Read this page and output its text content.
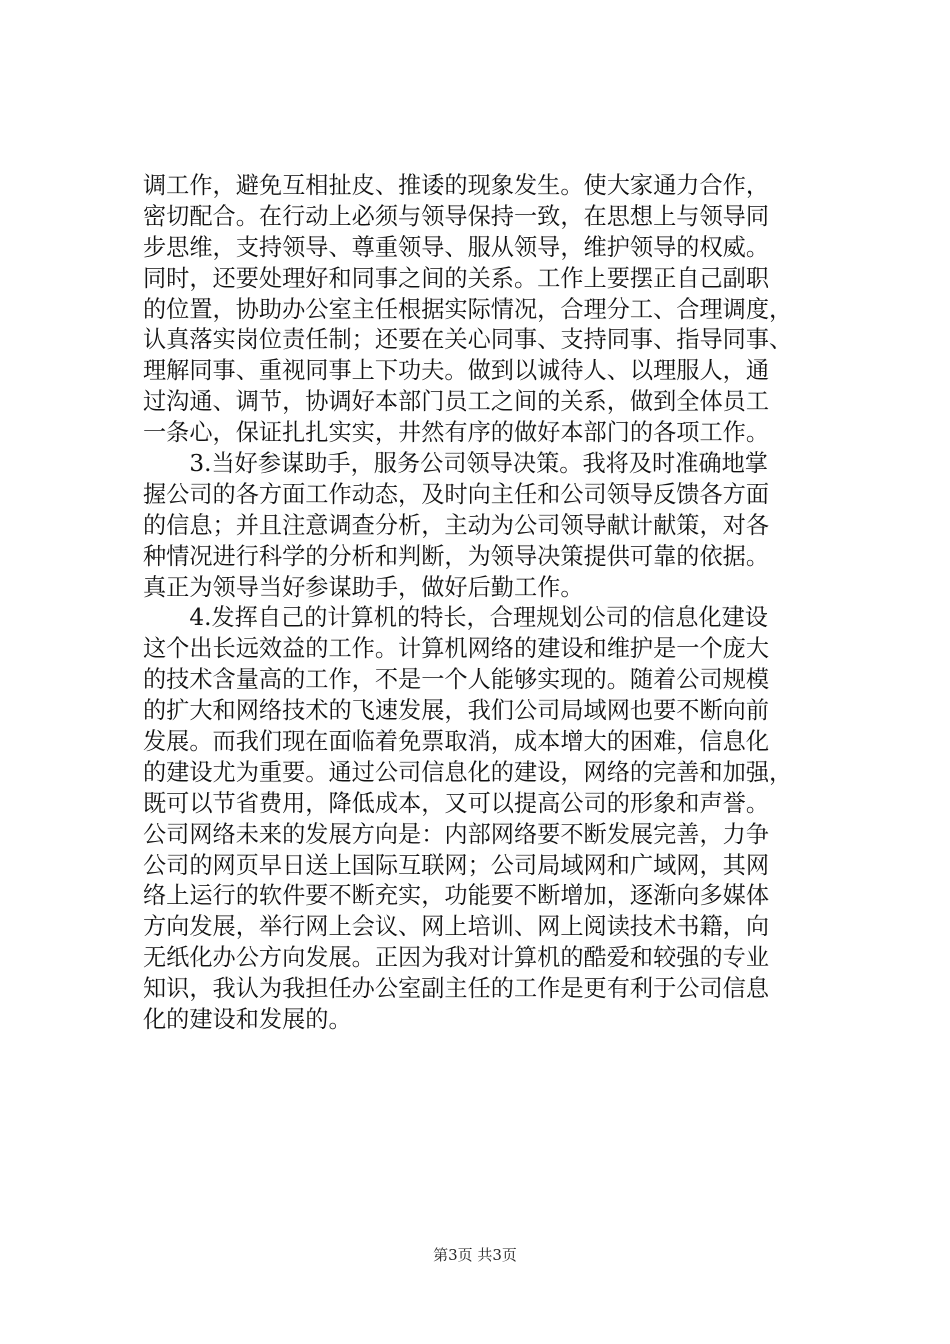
调工作，避免互相扯皮、推诿的现象发生。使大家通力合作，
密切配合。在行动上必须与领导保持一致，在思想上与领导同
步思维，支持领导、尊重领导、服从领导，维护领导的权威。
同时，还要处理好和同事之间的关系。工作上要摆正自己副职
的位置，协助办公室主任根据实际情况，合理分工、合理调度，
认真落实岗位责任制；还要在关心同事、支持同事、指导同事、
理解同事、重视同事上下功夫。做到以诚待人、以理服人，通
过沟通、调节，协调好本部门员工之间的关系，做到全体员工
一条心，保证扎扎实实，井然有序的做好本部门的各项工作。
　　3.当好参谋助手，服务公司领导决策。我将及时准确地掌
握公司的各方面工作动态，及时向主任和公司领导反馈各方面
的信息；并且注意调查分析，主动为公司领导献计献策，对各
种情况进行科学的分析和判断，为领导决策提供可靠的依据。
真正为领导当好参谋助手，做好后勤工作。
　　4.发挥自己的计算机的特长，合理规划公司的信息化建设
这个出长远效益的工作。计算机网络的建设和维护是一个庞大
的技术含量高的工作，不是一个人能够实现的。随着公司规模
的扩大和网络技术的飞速发展，我们公司局域网也要不断向前
发展。而我们现在面临着免票取消，成本增大的困难，信息化
的建设尤为重要。通过公司信息化的建设，网络的完善和加强，
既可以节省费用，降低成本，又可以提高公司的形象和声誉。
公司网络未来的发展方向是：内部网络要不断发展完善，力争
公司的网页早日送上国际互联网；公司局域网和广域网，其网
络上运行的软件要不断充实，功能要不断增加，逐渐向多媒体
方向发展，举行网上会议、网上培训、网上阅读技术书籍，向
无纸化办公方向发展。正因为我对计算机的酷爱和较强的专业
知识，我认为我担任办公室副主任的工作是更有利于公司信息
化的建设和发展的。
第3页 共3页
